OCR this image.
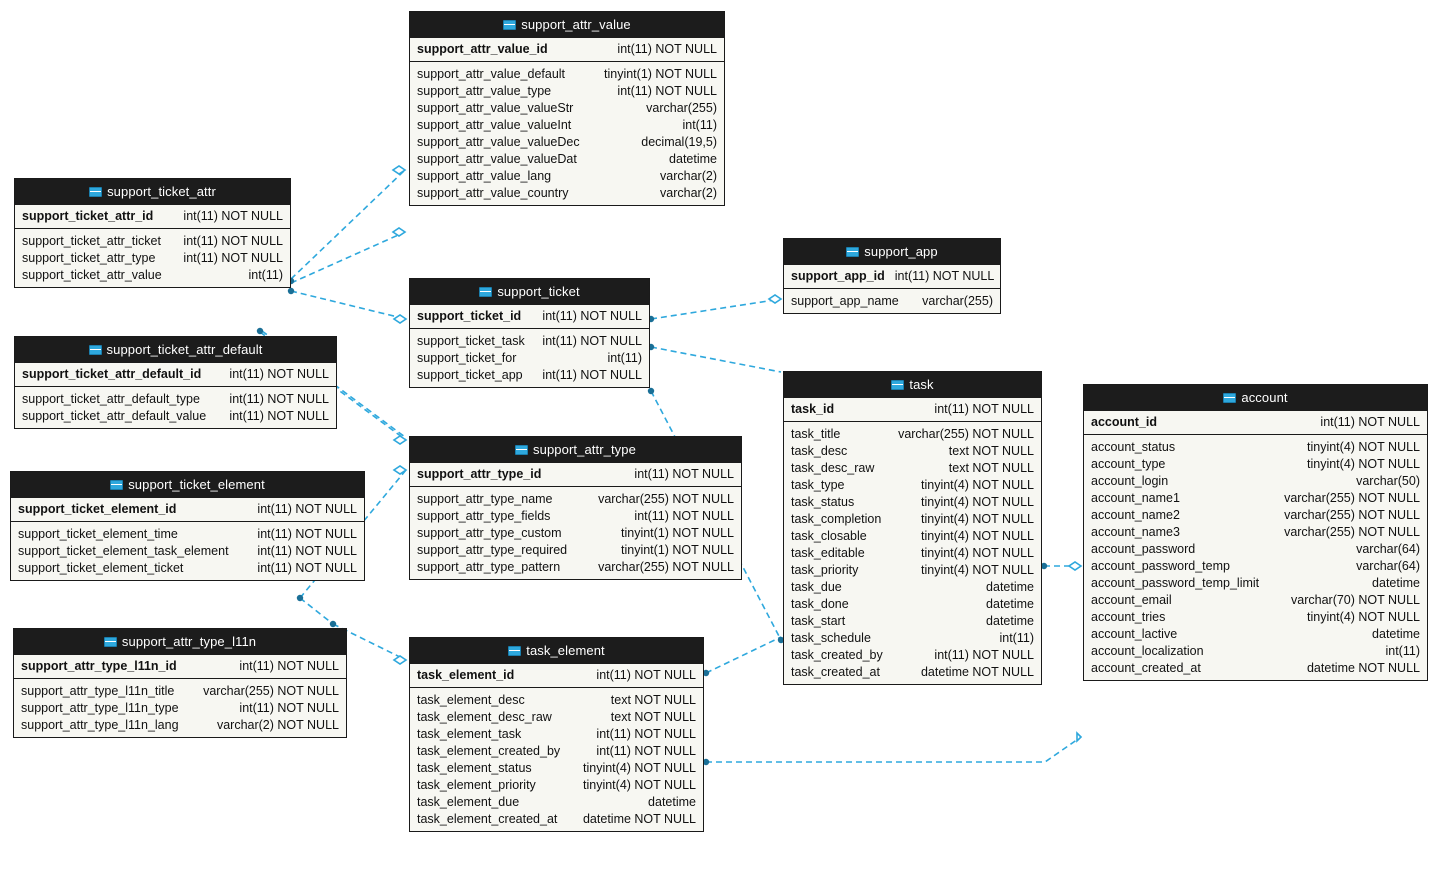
support_attr_value
support_attr_value_id	int(11) NOT NULL
support_attr_value_default	tinyint(1) NOT NULL
support_attr_value_type	int(11) NOT NULL
support_attr_value_valueStr	varchar(255)
support_attr_value_valueInt	int(11)
support_attr_value_valueDec	decimal(19,5)
support_attr_value_valueDat	datetime
support_attr_value_lang	varchar(2)
support_attr_value_country	varchar(2)
support_ticket_attr
support_ticket_attr_id int(11) NOT NULL
support_ticket_attr_ticket int(11) NOT NULL
support_ticket_attr_type int(11) NOT NULL
support_ticket_attr_value	int(11)
support_app
support_app_id int(11) NOT NULL
support_app_name varchar(255)
support_ticket
support_ticket_id int(11) NOT NULL
support_ticket_task int(11) NOT NULL
support_ticket_for	int(11)
support_ticket_app int(11) NOT NULL
support_ticket_attr_default
support_ticket_attr_default_id int(11) NOT NULL
support_ticket_attr_default_type int(11) NOT NULL
support_ticket_attr_default_value int(11) NOT NULL
task
task_id	int(11) NOT NULL
task_title	varchar(255) NOT NULL
task_desc	text NOT NULL
task_desc_raw	text NOT NULL
task_type	tinyint(4) NOT NULL
task_status	tinyint(4) NOT NULL
task_completion	tinyint(4) NOT NULL
task_closable	tinyint(4) NOT NULL
task_editable	tinyint(4) NOT NULL
task_priority	tinyint(4) NOT NULL
task_due	datetime
task_done	datetime
task_start	datetime
task_schedule	int(11)
task_created_by	int(11) NOT NULL
task_created_at	datetime NOT NULL
account
account_id	int(11) NOT NULL
account_status	tinyint(4) NOT NULL
account_type	tinyint(4) NOT NULL
account_login	varchar(50)
account_name1	varchar(255) NOT NULL
account_name2	varchar(255) NOT NULL
account_name3	varchar(255) NOT NULL
account_password	varchar(64)
account_password_temp	varchar(64)
account_password_temp_limit	datetime
account_email	varchar(70) NOT NULL
account_tries	tinyint(4) NOT NULL
account_lactive	datetime
account_localization	int(11)
account_created_at	datetime NOT NULL
support_attr_type
support_attr_type_id	int(11) NOT NULL
support_attr_type_name	varchar(255) NOT NULL
support_attr_type_fields	int(11) NOT NULL
support_attr_type_custom	tinyint(1) NOT NULL
support_attr_type_required	tinyint(1) NOT NULL
support_attr_type_pattern	varchar(255) NOT NULL
support_ticket_element
support_ticket_element_id	int(11) NOT NULL
support_ticket_element_time	int(11) NOT NULL
support_ticket_element_task_element int(11) NOT NULL
support_ticket_element_ticket	int(11) NOT NULL
task_element
task_element_id	int(11) NOT NULL
task_element_desc	text NOT NULL
task_element_desc_raw	text NOT NULL
task_element_task	int(11) NOT NULL
task_element_created_by	int(11) NOT NULL
task_element_status	tinyint(4) NOT NULL
task_element_priority	tinyint(4) NOT NULL
task_element_due	datetime
task_element_created_at datetime NOT NULL
support_attr_type_l11n
support_attr_type_l11n_id	int(11) NOT NULL
support_attr_type_l11n_title varchar(255) NOT NULL
support_attr_type_l11n_type	int(11) NOT NULL
support_attr_type_l11n_lang	varchar(2) NOT NULL
